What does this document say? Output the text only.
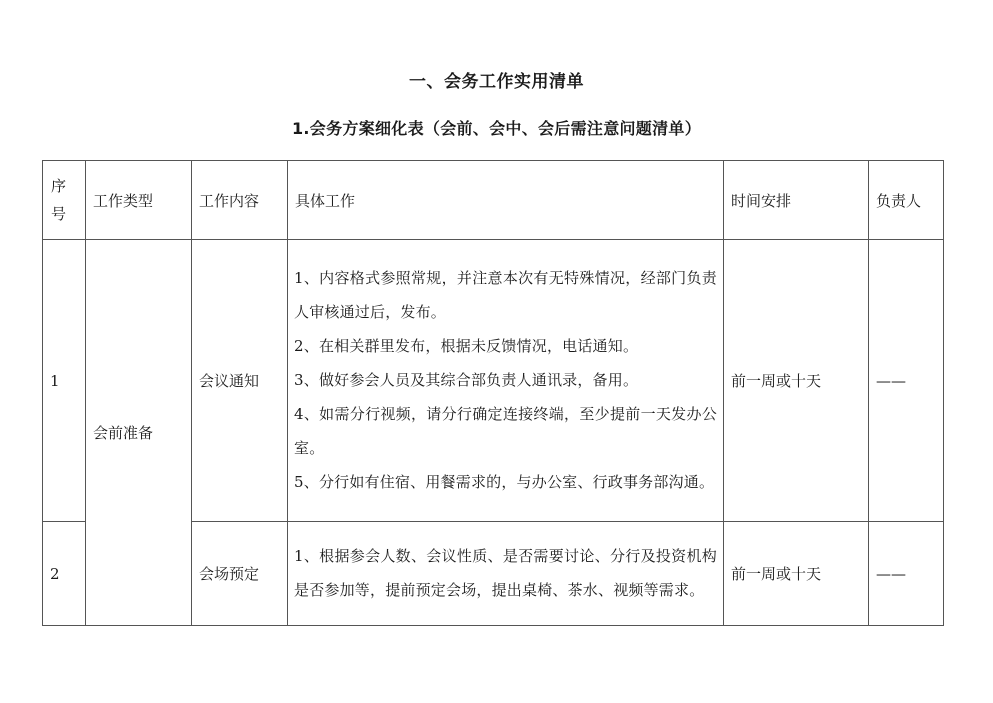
一、会务工作实用清单
1.会务方案细化表（会前、会中、会后需注意问题清单）
序号	工作类型	工作内容	具体工作	时间安排	负责人
1	会前准备	会议通知	1、内容格式参照常规，并注意本次有无特殊情况，经部门负责人审核通过后，发布。
2、在相关群里发布，根据未反馈情况，电话通知。
3、做好参会人员及其综合部负责人通讯录，备用。
4、如需分行视频，请分行确定连接终端，至少提前一天发办公室。
5、分行如有住宿、用餐需求的，与办公室、行政事务部沟通。	前一周或十天	——
2		会场预定	1、根据参会人数、会议性质、是否需要讨论、分行及投资机构是否参加等，提前预定会场，提出桌椅、茶水、视频等需求。	前一周或十天	——
